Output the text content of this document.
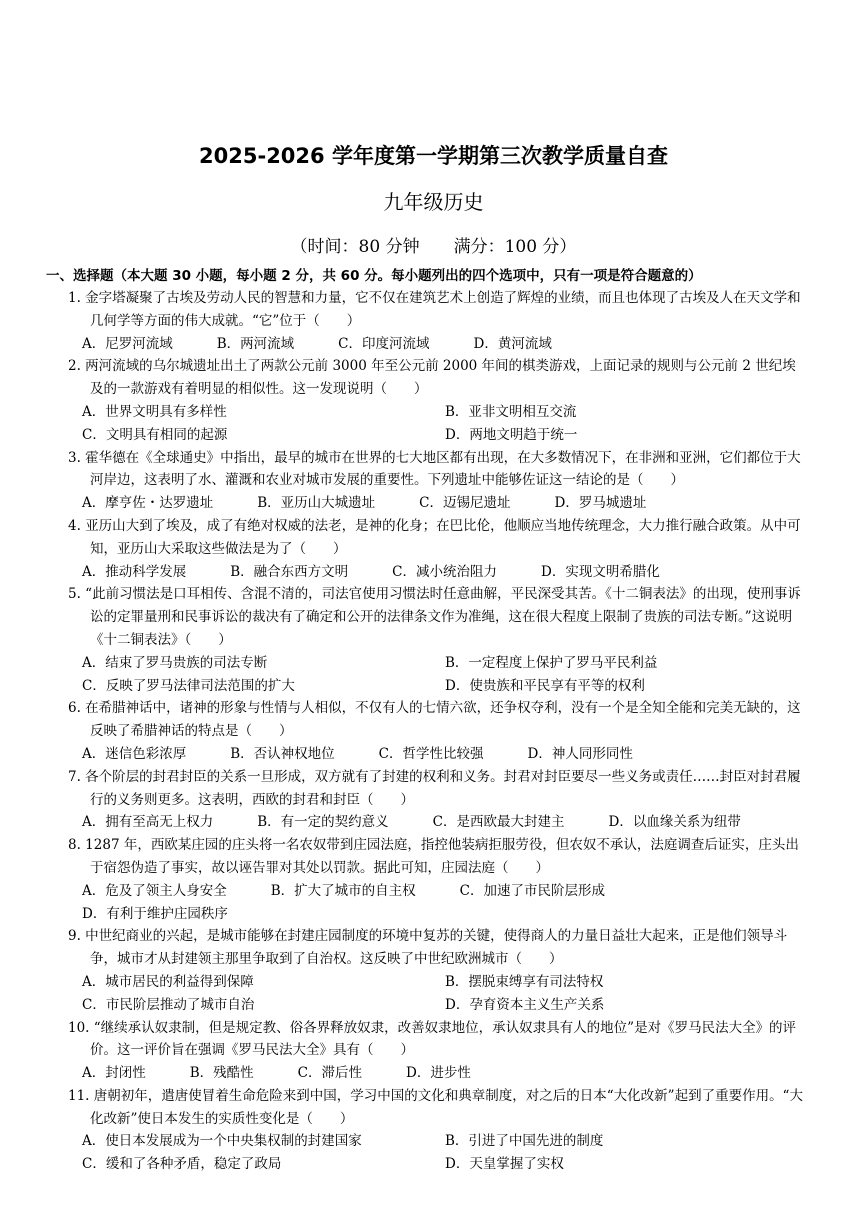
2025-2026 学年度第一学期第三次教学质量自查
九年级历史
（时间：80 分钟　　满分：100 分）
一、选择题（本大题 30 小题，每小题 2 分，共 60 分。每小题列出的四个选项中，只有一项是符合题意的）
1. 金字塔凝聚了古埃及劳动人民的智慧和力量，它不仅在建筑艺术上创造了辉煌的业绩，而且也体现了古埃及人在天文学和几何学等方面的伟大成就。“它”位于（　　）
A．尼罗河流域	B．两河流域	C．印度河流域	D．黄河流域
2. 两河流域的乌尔城遗址出土了两款公元前 3000 年至公元前 2000 年间的棋类游戏，上面记录的规则与公元前 2 世纪埃及的一款游戏有着明显的相似性。这一发现说明（　　）
A．世界文明具有多样性	B．亚非文明相互交流
C．文明具有相同的起源	D．两地文明趋于统一
3. 霍华德在《全球通史》中指出，最早的城市在世界的七大地区都有出现，在大多数情况下，在非洲和亚洲，它们都位于大河岸边，这表明了水、灌溉和农业对城市发展的重要性。下列遗址中能够佐证这一结论的是（　　）
A．摩亨佐・达罗遗址	B．亚历山大城遗址	C．迈锡尼遗址	D．罗马城遗址
4. 亚历山大到了埃及，成了有绝对权威的法老，是神的化身；在巴比伦，他顺应当地传统理念，大力推行融合政策。从中可知，亚历山大采取这些做法是为了（　　）
A．推动科学发展	B．融合东西方文明	C．减小统治阻力	D．实现文明希腊化
5. “此前习惯法是口耳相传、含混不清的，司法官使用习惯法时任意曲解，平民深受其苦。《十二铜表法》的出现，使刑事诉讼的定罪量刑和民事诉讼的裁决有了确定和公开的法律条文作为准绳，这在很大程度上限制了贵族的司法专断。”这说明《十二铜表法》（　　）
A．结束了罗马贵族的司法专断	B．一定程度上保护了罗马平民利益
C．反映了罗马法律司法范围的扩大	D．使贵族和平民享有平等的权利
6. 在希腊神话中，诸神的形象与性情与人相似，不仅有人的七情六欲，还争权夺利，没有一个是全知全能和完美无缺的，这反映了希腊神话的特点是（　　）
A．迷信色彩浓厚	B．否认神权地位	C．哲学性比较强	D．神人同形同性
7. 各个阶层的封君封臣的关系一旦形成，双方就有了封建的权利和义务。封君对封臣要尽一些义务或责任……封臣对封君履行的义务则更多。这表明，西欧的封君和封臣（　　）
A．拥有至高无上权力	B．有一定的契约意义	C．是西欧最大封建主	D．以血缘关系为纽带
8. 1287 年，西欧某庄园的庄头将一名农奴带到庄园法庭，指控他装病拒服劳役，但农奴不承认，法庭调查后证实，庄头出于宿怨伪造了事实，故以诬告罪对其处以罚款。据此可知，庄园法庭（　　）
A．危及了领主人身安全	B．扩大了城市的自主权	C．加速了市民阶层形成
D．有利于维护庄园秩序
9. 中世纪商业的兴起，是城市能够在封建庄园制度的环境中复苏的关键，使得商人的力量日益壮大起来，正是他们领导斗争，城市才从封建领主那里争取到了自治权。这反映了中世纪欧洲城市（　　）
A．城市居民的利益得到保障	B．摆脱束缚享有司法特权
C．市民阶层推动了城市自治	D．孕育资本主义生产关系
10. “继续承认奴隶制，但是规定教、俗各界释放奴隶，改善奴隶地位，承认奴隶具有人的地位”是对《罗马民法大全》的评价。这一评价旨在强调《罗马民法大全》具有（　　）
A．封闭性	B．残酷性	C．滞后性	D．进步性
11. 唐朝初年，遣唐使冒着生命危险来到中国，学习中国的文化和典章制度，对之后的日本“大化改新”起到了重要作用。“大化改新”使日本发生的实质性变化是（　　）
A．使日本发展成为一个中央集权制的封建国家	B．引进了中国先进的制度
C．缓和了各种矛盾，稳定了政局	D．天皇掌握了实权
